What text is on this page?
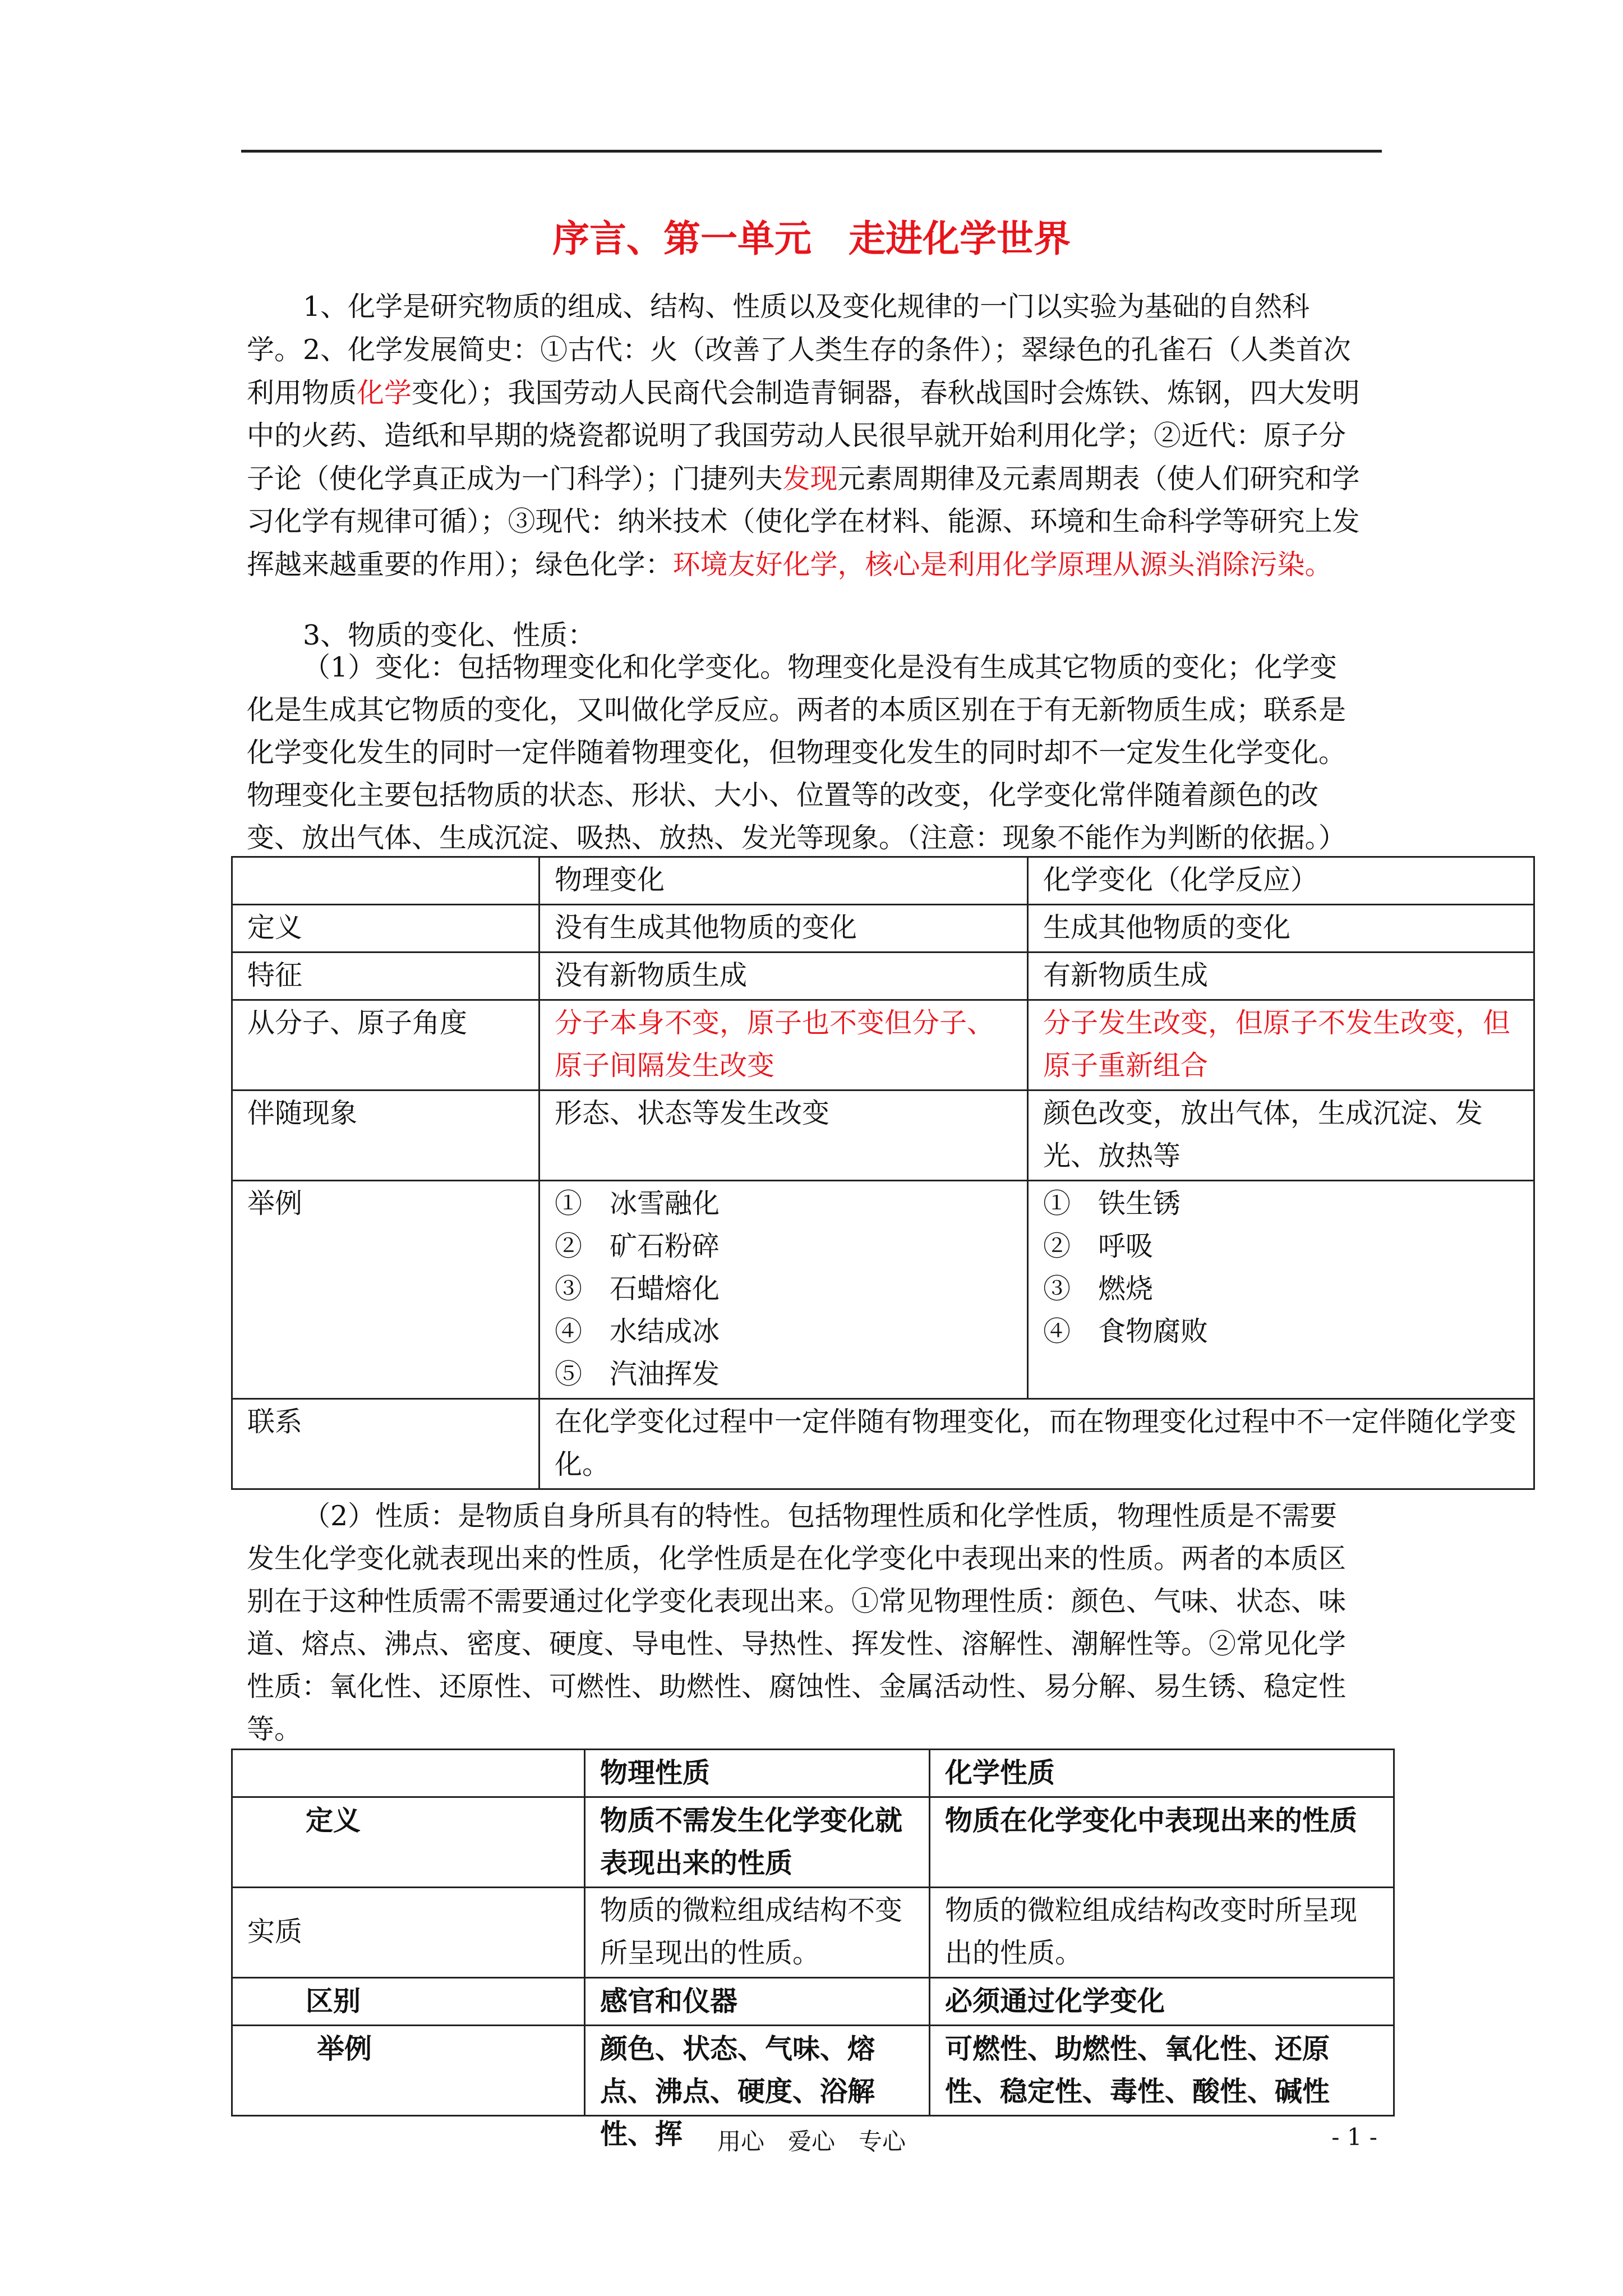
序言、第一单元　走进化学世界

1、化学是研究物质的组成、结构、性质以及变化规律的一门以实验为基础的自然科学。 2、化学发展简史：①古代：火（改善了人类生存的条件）；翠绿色的孔雀石（人类首次利用物质化学变化）；我国劳动人民商代会制造青铜器，春秋战国时会炼铁、炼钢，四大发明中的火药、造纸和早期的烧瓷都说明了我国劳动人民很早就开始利用化学；②近代：原子分子论（使化学真正成为一门科学）；门捷列夫发现元素周期律及元素周期表（使人们研究和学习化学有规律可循）；③现代：纳米技术（使化学在材料、能源、环境和生命科学等研究上发挥越来越重要的作用）；绿色化学：环境友好化学，核心是利用化学原理从源头消除污染。

3、物质的变化、性质：

（1）变化：包括物理变化和化学变化。物理变化是没有生成其它物质的变化；化学变化是生成其它物质的变化，又叫做化学反应。两者的本质区别在于有无新物质生成；联系是化学变化发生的同时一定伴随着物理变化，但物理变化发生的同时却不一定发生化学变化。物理变化主要包括物质的状态、形状、大小、位置等的改变，化学变化常伴随着颜色的改变、放出气体、生成沉淀、吸热、放热、发光等现象。（注意：现象不能作为判断的依据。）

	物理变化	化学变化（化学反应）
定义	没有生成其他物质的变化	生成其他物质的变化
特征	没有新物质生成	有新物质生成
从分子、原子角度	分子本身不变，原子也不变但分子、原子间隔发生改变	分子发生改变，但原子不发生改变，但原子重新组合
伴随现象	形态、状态等发生改变	颜色改变，放出气体，生成沉淀、发光、放热等
举例	①　冰雪融化
②　矿石粉碎
③　石蜡熔化
④　水结成冰
⑤　汽油挥发	①　铁生锈
②　呼吸
③　燃烧
④　食物腐败

联系	在化学变化过程中一定伴随有物理变化，而在物理变化过程中不一定伴随化学变化。	

（2）性质：是物质自身所具有的特性。包括物理性质和化学性质，物理性质是不需要发生化学变化就表现出来的性质，化学性质是在化学变化中表现出来的性质。两者的本质区别在于这种性质需不需要通过化学变化表现出来。①常见物理性质：颜色、气味、状态、味道、熔点、沸点、密度、硬度、导电性、导热性、挥发性、溶解性、潮解性等。②常见化学性质：氧化性、还原性、可燃性、助燃性、腐蚀性、金属活动性、易分解、易生锈、稳定性等。

	物理性质	化学性质
定义	物质不需发生化学变化就表现出来的性质	物质在化学变化中表现出来的性质
实质	物质的微粒组成结构不变所呈现出的性质。	物质的微粒组成结构改变时所呈现出的性质。
区别	感官和仪器	必须通过化学变化
举例	颜色、状态、气味、熔点、沸点、硬度、浴解性、挥	可燃性、助燃性、氧化性、还原性、稳定性、毒性、酸性、碱性
用心　爱心　专心	- 1 -
